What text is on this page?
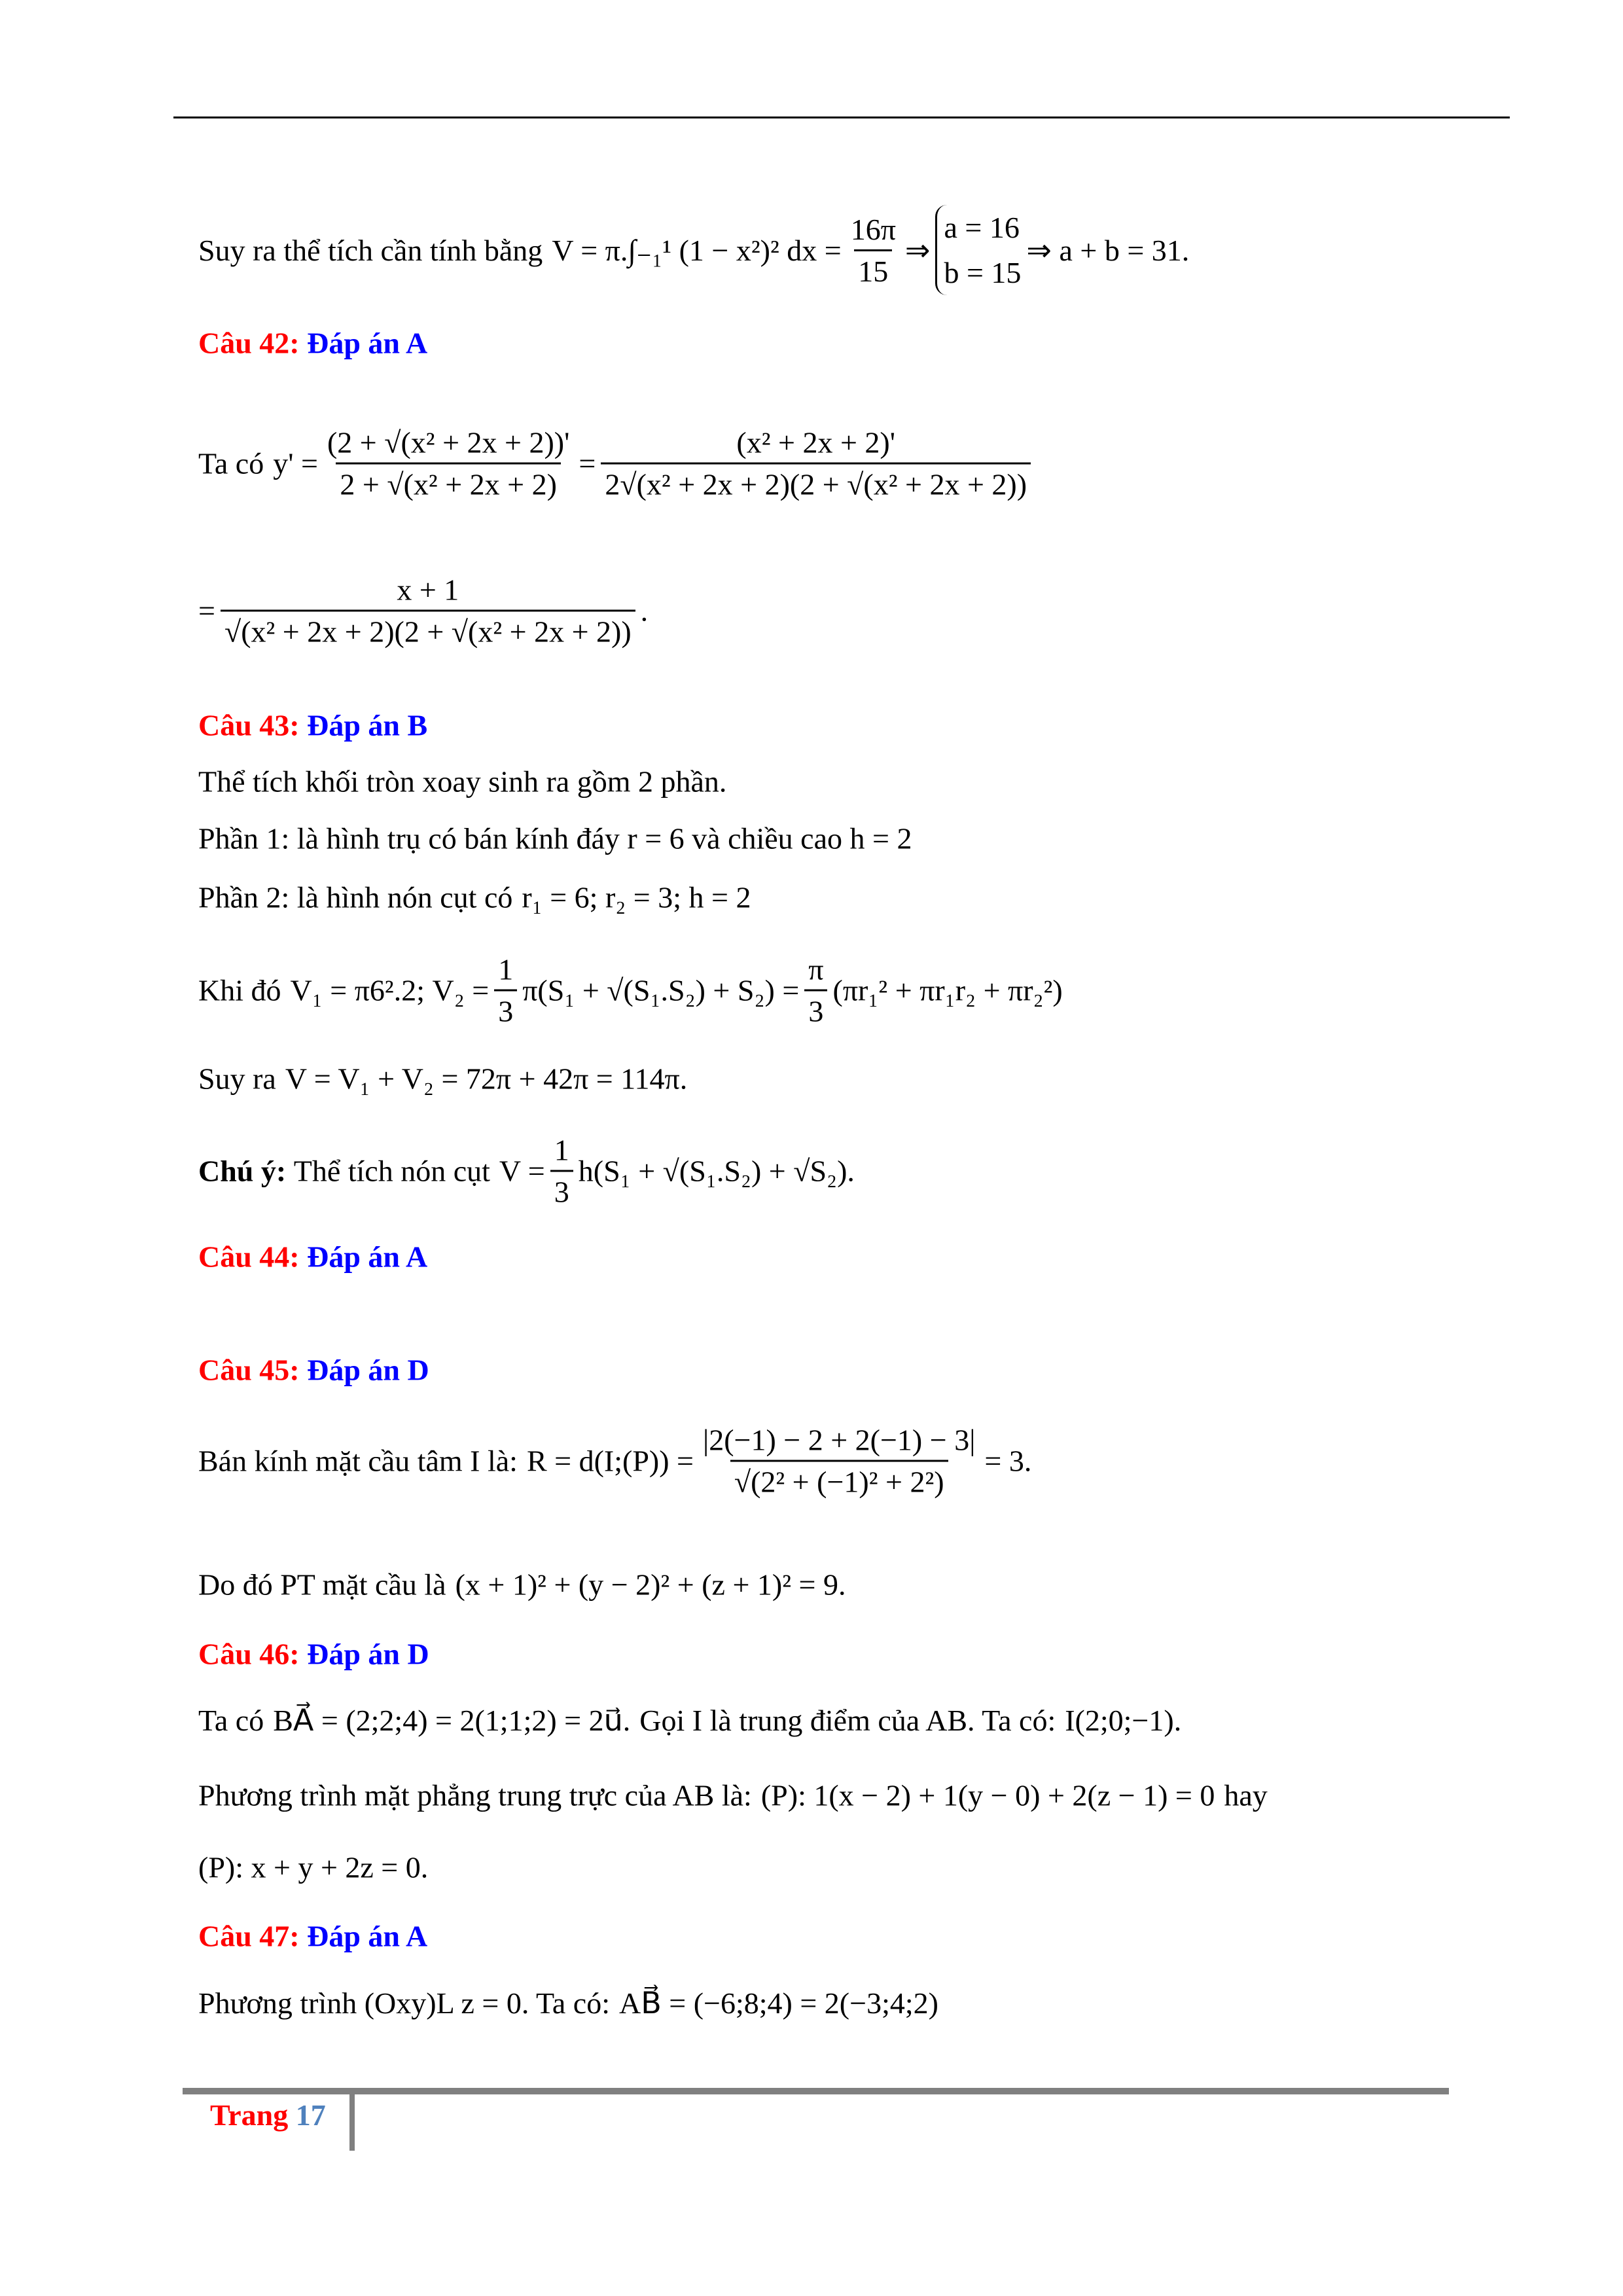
Suy ra thể tích cần tính bằng V = π.∫₋₁¹ (1 − x²)² dx = $\frac{16\pi}{15}$ ⇒
a = 16
b = 15
⇒ a + b = 31.
Câu 42:
Đáp án A
Ta có $y' = \frac{\text{(2 + √(x² + 2x + 2))'}}{\text{2 + √(x² + 2x + 2)}} = \frac{\text{(x² + 2x + 2)'}}{\text{2√(x² + 2x + 2)(2 + √(x² + 2x + 2))}}$
= $\frac{x + 1}{\text{√(x² + 2x + 2)(2 + √(x² + 2x + 2))}}$ .
Câu 43:
Đáp án B
Thể tích khối tròn xoay sinh ra gồm 2 phần.
Phần 1: là hình trụ có bán kính đáy r = 6 và chiều cao h = 2
Phần 2: là hình nón cụt có r₁ = 6; r₂ = 3; h = 2
Khi đó V₁ = π6².2; $V_2 = \frac{1}{3} \pi(S_1 + √(S_1.S_2) + S_2) = \frac{\pi}{3} (\pi r_1^2 + \pi r_1r_2 + \pi r_2^2)$
Suy ra V = V₁ + V₂ = 72π + 42π = 114π.
Chú ý:
Thể tích nón cụt $V = \frac{1}{3} h(S_1 + √(S_1.S_2) + √S_2)$.
Câu 44:
Đáp án A
Câu 45:
Đáp án D
Bán kính mặt cầu tâm I là: R = d(I;(P)) = $\frac{|2(-1) - 2 + 2(-1) - 3|}{\text{√(2² + (−1)² + 2²)}} = 3$.
Do đó PT mặt cầu là (x + 1)² + (y − 2)² + (z + 1)² = 9.
Câu 46:
Đáp án D
Ta có BA⃗ = (2;2;4) = 2(1;1;2) = 2u⃗. Gọi I là trung điểm của AB. Ta có: I(2;0;−1).
Phương trình mặt phẳng trung trực của AB là: (P): 1(x − 2) + 1(y − 0) + 2(z − 1) = 0 hay
(P): x + y + 2z = 0.
Câu 47:
Đáp án A
Phương trình (Oxy)L z = 0. Ta có: AB⃗ = (−6;8;4) = 2(−3;4;2)
Trang 17
